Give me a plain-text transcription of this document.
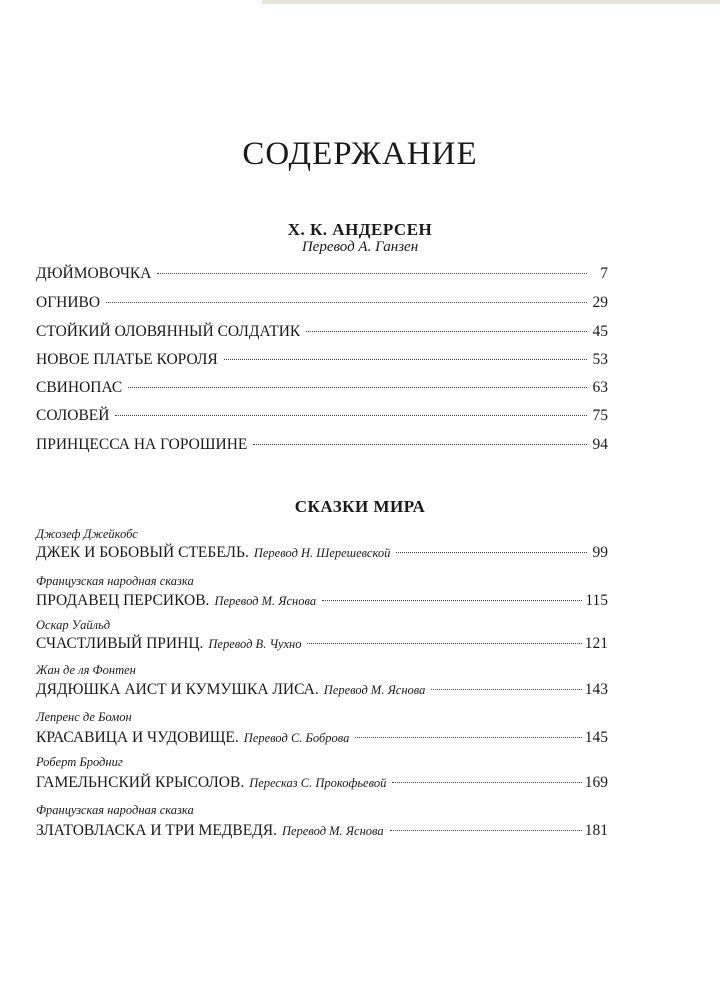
СОДЕРЖАНИЕ
Х. К. АНДЕРСЕН
Перевод А. Ганзен
ДЮЙМОВОЧКА	7
ОГНИВО	29
СТОЙКИЙ ОЛОВЯННЫЙ СОЛДАТИК	45
НОВОЕ ПЛАТЬЕ КОРОЛЯ	53
СВИНОПАС	63
СОЛОВЕЙ	75
ПРИНЦЕССА НА ГОРОШИНЕ	94
СКАЗКИ МИРА
Джозеф Джейкобс
ДЖЕК И БОБОВЫЙ СТЕБЕЛЬ. Перевод Н. Шерешевской	99
Французская народная сказка
ПРОДАВЕЦ ПЕРСИКОВ. Перевод М. Яснова	115
Оскар Уайльд
СЧАСТЛИВЫЙ ПРИНЦ. Перевод В. Чухно	121
Жан де ля Фонтен
ДЯДЮШКА АИСТ И КУМУШКА ЛИСА. Перевод М. Яснова	143
Лепренс де Бомон
КРАСАВИЦА И ЧУДОВИЩЕ. Перевод С. Боброва	145
Роберт Бродниг
ГАМЕЛЬНСКИЙ КРЫСОЛОВ. Пересказ С. Прокофьевой	169
Французская народная сказка
ЗЛАТОВЛАСКА И ТРИ МЕДВЕДЯ. Перевод М. Яснова	181
